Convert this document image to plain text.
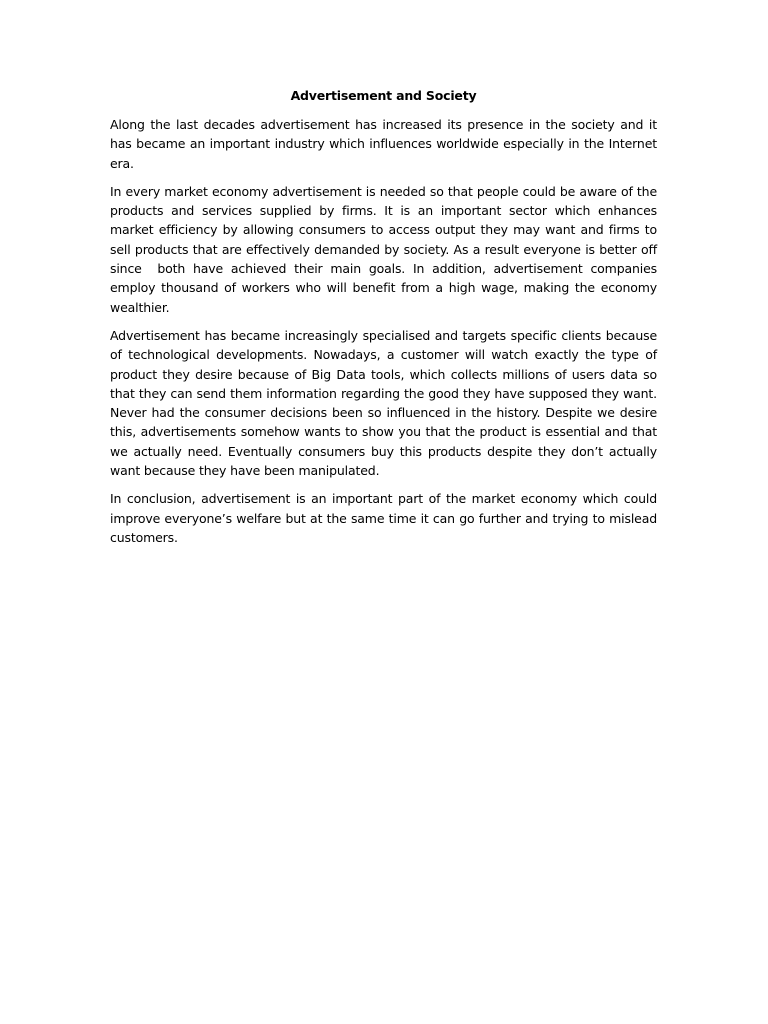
Advertisement and Society

Along the last decades advertisement has increased its presence in the society and it has became an important industry which influences worldwide especially in the Internet era.

In every market economy advertisement is needed so that people could be aware of the products and services supplied by firms. It is an important sector which enhances market efficiency by allowing consumers to access output they may want and firms to sell products that are effectively demanded by society. As a result everyone is better off since  both have achieved their main goals. In addition, advertisement companies employ thousand of workers who will benefit from a high wage, making the economy wealthier.

Advertisement has became increasingly specialised and targets specific clients because of technological developments. Nowadays, a customer will watch exactly the type of product they desire because of Big Data tools, which collects millions of users data so that they can send them information regarding the good they have supposed they want. Never had the consumer decisions been so influenced in the history. Despite we desire this, advertisements somehow wants to show you that the product is essential and that we actually need. Eventually consumers buy this products despite they don’t actually want because they have been manipulated.

In conclusion, advertisement is an important part of the market economy which could improve everyone’s welfare but at the same time it can go further and trying to mislead customers.
